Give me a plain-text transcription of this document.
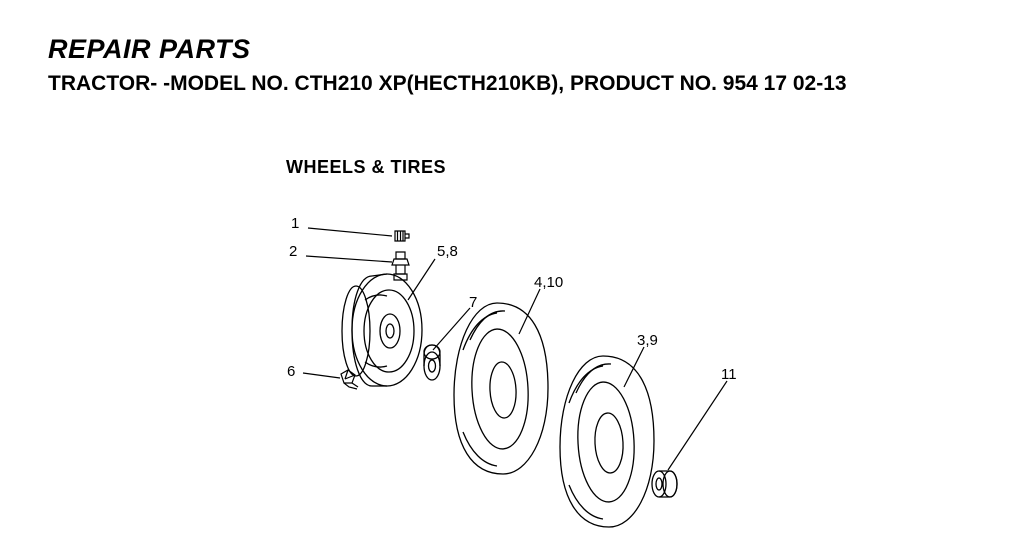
REPAIR PARTS
TRACTOR- -MODEL NO. CTH210 XP(HECTH210KB), PRODUCT NO. 954 17 02-13
WHEELS & TIRES
1
2	5,8
7
4,10
3,9
11
6
